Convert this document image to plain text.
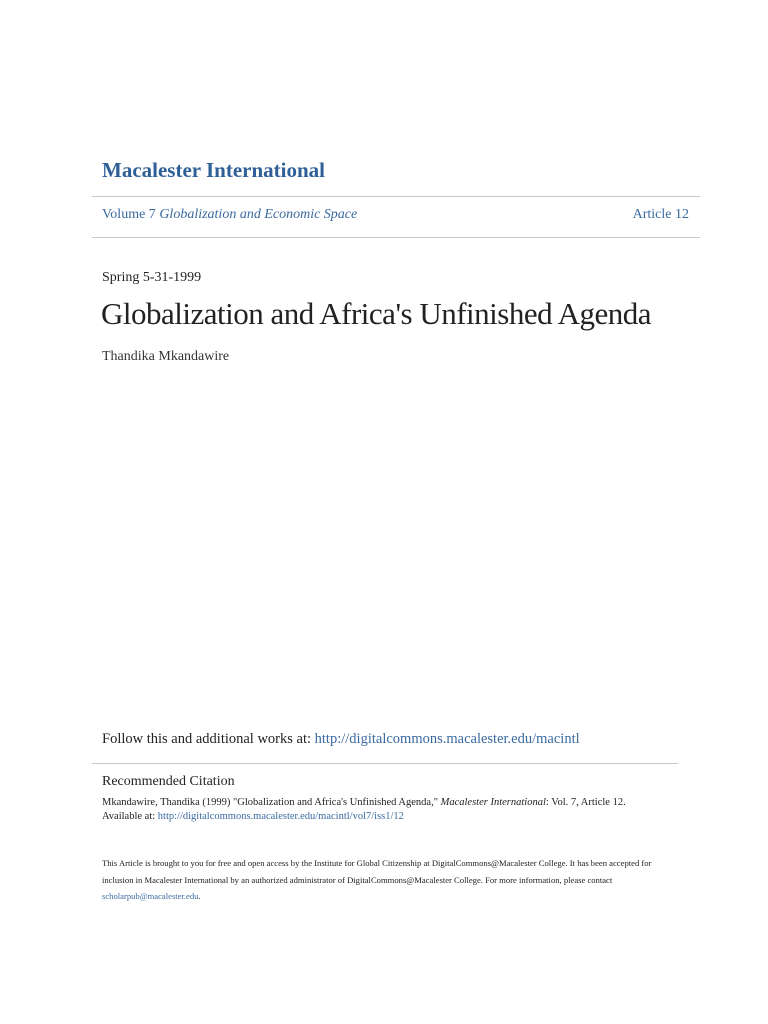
Macalester International
Volume 7 Globalization and Economic Space	Article 12
Spring 5-31-1999
Globalization and Africa's Unfinished Agenda
Thandika Mkandawire
Follow this and additional works at: http://digitalcommons.macalester.edu/macintl
Recommended Citation
Mkandawire, Thandika (1999) "Globalization and Africa's Unfinished Agenda," Macalester International: Vol. 7, Article 12.
Available at: http://digitalcommons.macalester.edu/macintl/vol7/iss1/12
This Article is brought to you for free and open access by the Institute for Global Citizenship at DigitalCommons@Macalester College. It has been accepted for inclusion in Macalester International by an authorized administrator of DigitalCommons@Macalester College. For more information, please contact scholarpub@macalester.edu.
